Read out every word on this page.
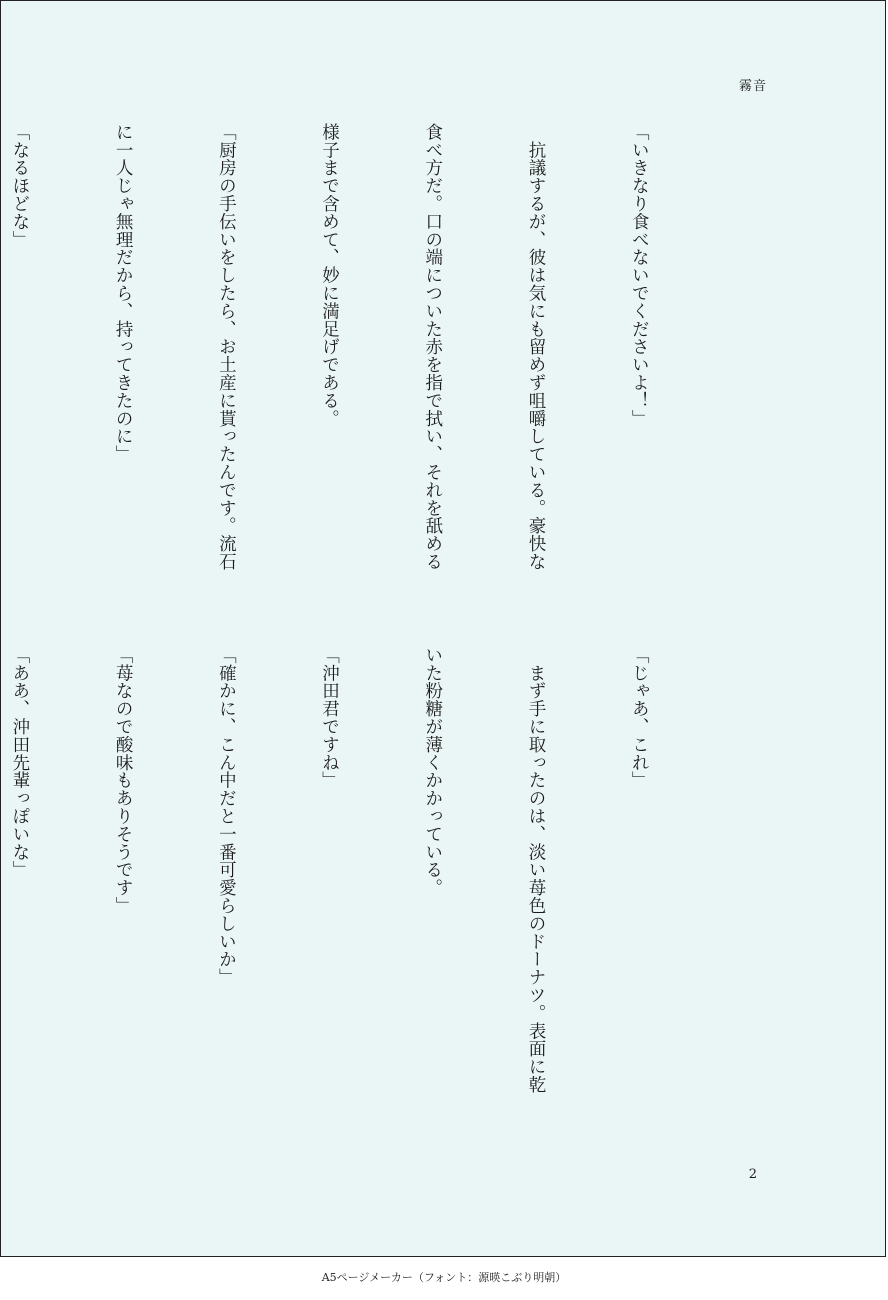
霧音

「いきなり食べないでくださいよ！」

　抗議するが、彼は気にも留めず咀嚼している。豪快な

食べ方だ。口の端についた赤を指で拭い、それを舐める

様子まで含めて、妙に満足げである。

「厨房の手伝いをしたら、お土産に貰ったんです。流石

に一人じゃ無理だから、持ってきたのに」

「なるほどな」

「じゃあ、これ」

　まず手に取ったのは、淡い苺色のドーナツ。表面に乾

いた粉糖が薄くかかっている。

「沖田君ですね」

「確かに、こん中だと一番可愛らしいか」

「苺なので酸味もありそうです」

「ああ、沖田先輩っぽいな」

2
A5ページメーカー（フォント：源暎こぶり明朝）
